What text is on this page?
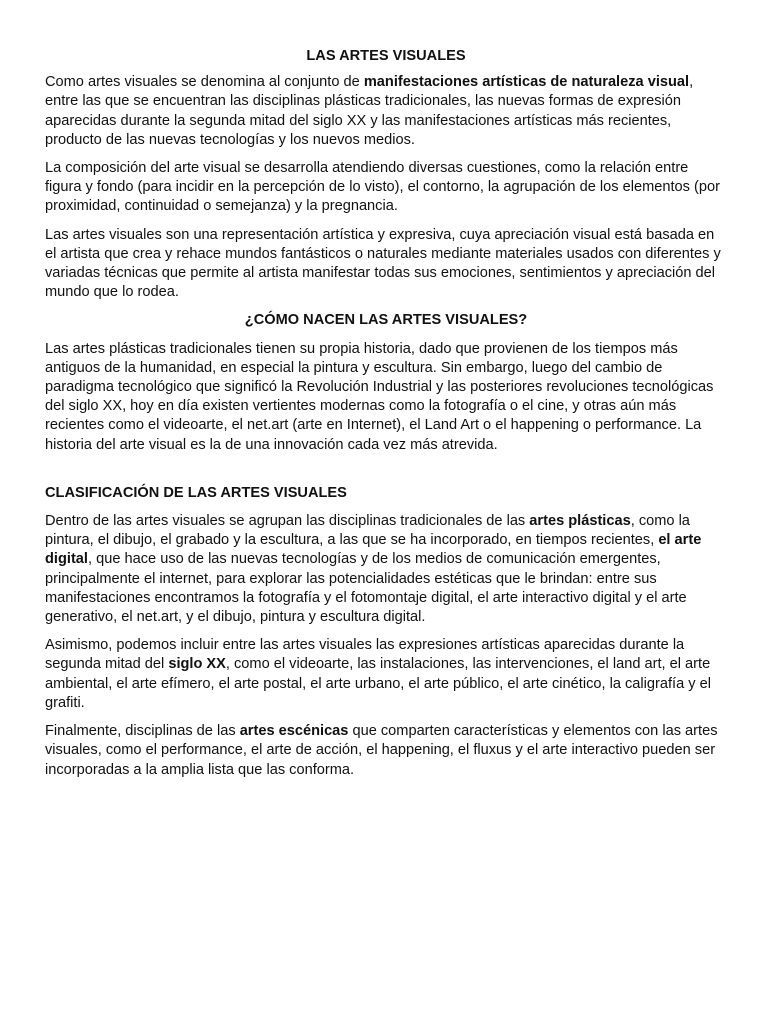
LAS ARTES VISUALES

Como artes visuales se denomina al conjunto de manifestaciones artísticas de naturaleza visual, entre las que se encuentran las disciplinas plásticas tradicionales, las nuevas formas de expresión aparecidas durante la segunda mitad del siglo XX y las manifestaciones artísticas más recientes, producto de las nuevas tecnologías y los nuevos medios.

La composición del arte visual se desarrolla atendiendo diversas cuestiones, como la relación entre figura y fondo (para incidir en la percepción de lo visto), el contorno, la agrupación de los elementos (por proximidad, continuidad o semejanza) y la pregnancia.

Las artes visuales son una representación artística y expresiva, cuya apreciación visual está basada en el artista que crea y rehace mundos fantásticos o naturales mediante materiales usados con diferentes y variadas técnicas que permite al artista manifestar todas sus emociones, sentimientos y apreciación del mundo que lo rodea.

¿CÓMO NACEN LAS ARTES VISUALES?

Las artes plásticas tradicionales tienen su propia historia, dado que provienen de los tiempos más antiguos de la humanidad, en especial la pintura y escultura. Sin embargo, luego del cambio de paradigma tecnológico que significó la Revolución Industrial y las posteriores revoluciones tecnológicas del siglo XX, hoy en día existen vertientes modernas como la fotografía o el cine, y otras aún más recientes como el videoarte, el net.art (arte en Internet), el Land Art o el happening o performance. La historia del arte visual es la de una innovación cada vez más atrevida.

CLASIFICACIÓN DE LAS ARTES VISUALES

Dentro de las artes visuales se agrupan las disciplinas tradicionales de las artes plásticas, como la pintura, el dibujo, el grabado y la escultura, a las que se ha incorporado, en tiempos recientes, el arte digital, que hace uso de las nuevas tecnologías y de los medios de comunicación emergentes, principalmente el internet, para explorar las potencialidades estéticas que le brindan: entre sus manifestaciones encontramos la fotografía y el fotomontaje digital, el arte interactivo digital y el arte generativo, el net.art, y el dibujo, pintura y escultura digital.

Asimismo, podemos incluir entre las artes visuales las expresiones artísticas aparecidas durante la segunda mitad del siglo XX, como el videoarte, las instalaciones, las intervenciones, el land art, el arte ambiental, el arte efímero, el arte postal, el arte urbano, el arte público, el arte cinético, la caligrafía y el grafiti.

Finalmente, disciplinas de las artes escénicas que comparten características y elementos con las artes visuales, como el performance, el arte de acción, el happening, el fluxus y el arte interactivo pueden ser incorporadas a la amplia lista que las conforma.
